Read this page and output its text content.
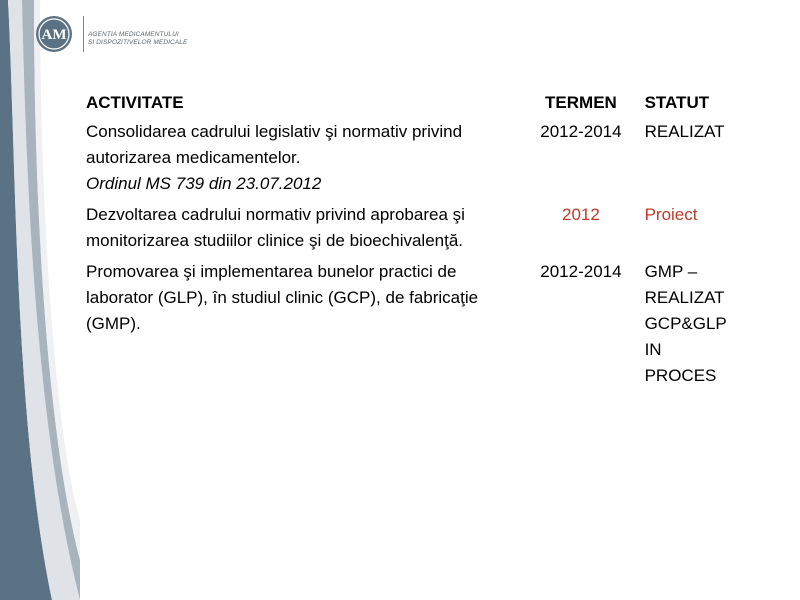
AM	AGENȚIA MEDICAMENTULUI
ȘI DISPOZITIVELOR MEDICALE
ACTIVITATE	TERMEN	STATUT
Consolidarea cadrului legislativ şi normativ privind autorizarea medicamentelor.
Ordinul MS 739 din 23.07.2012	2012-2014	REALIZAT

Dezvoltarea cadrului normativ privind aprobarea şi monitorizarea studiilor clinice şi de bioechivalenţă.	2012	Proiect

Promovarea şi implementarea bunelor practici de laborator (GLP), în studiul clinic (GCP), de fabricaţie (GMP).	2012-2014	GMP –
REALIZAT
GCP&GLP
IN
PROCES
